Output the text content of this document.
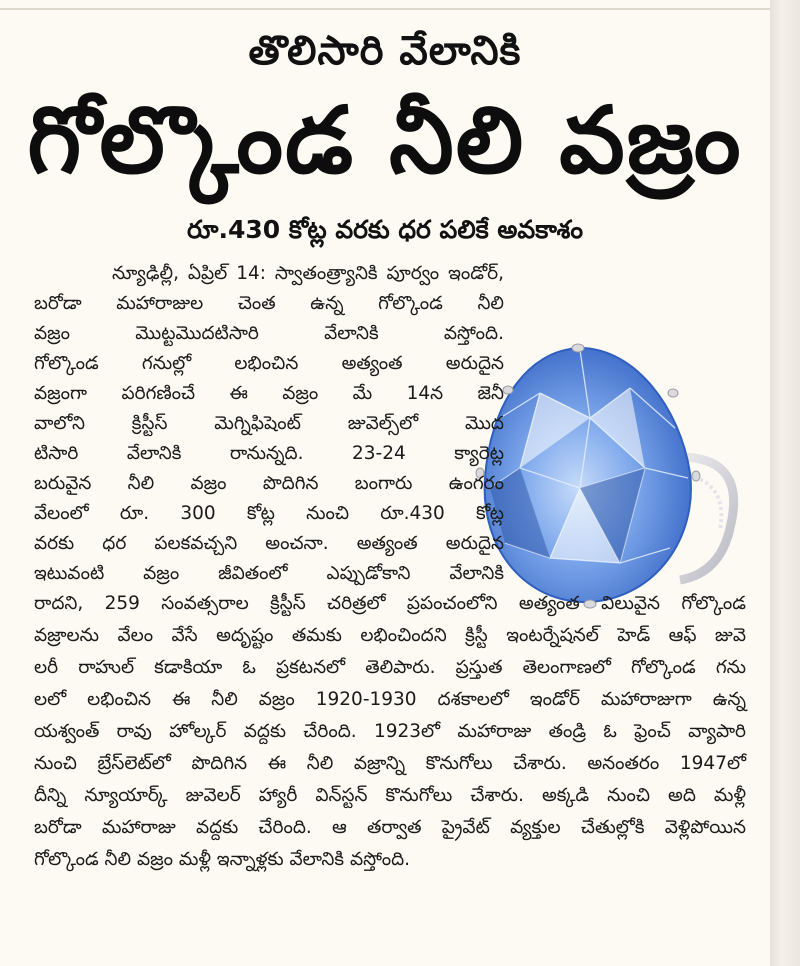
తొలిసారి వేలానికి
గోల్కొండ నీలి వజ్రం
రూ.430 కోట్ల వరకు ధర పలికే అవకాశం
న్యూఢిల్లీ, ఏప్రిల్ 14: స్వాతంత్ర్యానికి పూర్వం ఇండోర్,
బరోడా మహారాజుల చెంత ఉన్న గోల్కొండ నీలి
వజ్రం మొట్టమొదటిసారి వేలానికి వస్తోంది.
గోల్కొండ గనుల్లో లభించిన అత్యంత అరుదైన
వజ్రంగా పరిగణించే ఈ వజ్రం మే 14న జెనీ
వాలోని క్రిస్టీస్ మెగ్నిఫిషెంట్ జువెల్స్‌లో మొద
టిసారి వేలానికి రానున్నది. 23-24 క్యారెట్ల
బరువైన నీలి వజ్రం పొదిగిన బంగారు ఉంగరం
వేలంలో రూ. 300 కోట్ల నుంచి రూ.430 కోట్ల
వరకు ధర పలకవచ్చని అంచనా. అత్యంత అరుదైన
ఇటువంటి వజ్రం జీవితంలో ఎప్పుడోకాని వేలానికి
రాదని, 259 సంవత్సరాల క్రిస్టీస్ చరిత్రలో ప్రపంచంలోని అత్యంత విలువైన గోల్కొండ
వజ్రాలను వేలం వేసే అదృష్టం తమకు లభించిందని క్రిస్టీ ఇంటర్నేషనల్ హెడ్ ఆఫ్ జువె
లరీ రాహుల్ కడాకియా ఓ ప్రకటనలో తెలిపారు. ప్రస్తుత తెలంగాణలో గోల్కొండ గను
లలో లభించిన ఈ నీలి వజ్రం 1920-1930 దశకాలలో ఇండోర్ మహారాజుగా ఉన్న
యశ్వంత్ రావు హోల్కర్ వద్దకు చేరింది. 1923లో మహారాజు తండ్రి ఓ ఫ్రెంచ్ వ్యాపారి
నుంచి బ్రేస్‌లెట్‌లో పొదిగిన ఈ నీలి వజ్రాన్ని కొనుగోలు చేశారు. అనంతరం 1947లో
దీన్ని న్యూయార్క్ జువెలర్ హ్యారీ విన్‌స్టన్ కొనుగోలు చేశారు. అక్కడి నుంచి అది మళ్లీ
బరోడా మహారాజు వద్దకు చేరింది. ఆ తర్వాత ప్రైవేట్ వ్యక్తుల చేతుల్లోకి వెళ్లిపోయిన
గోల్కొండ నీలి వజ్రం మళ్లీ ఇన్నాళ్లకు వేలానికి వస్తోంది.
